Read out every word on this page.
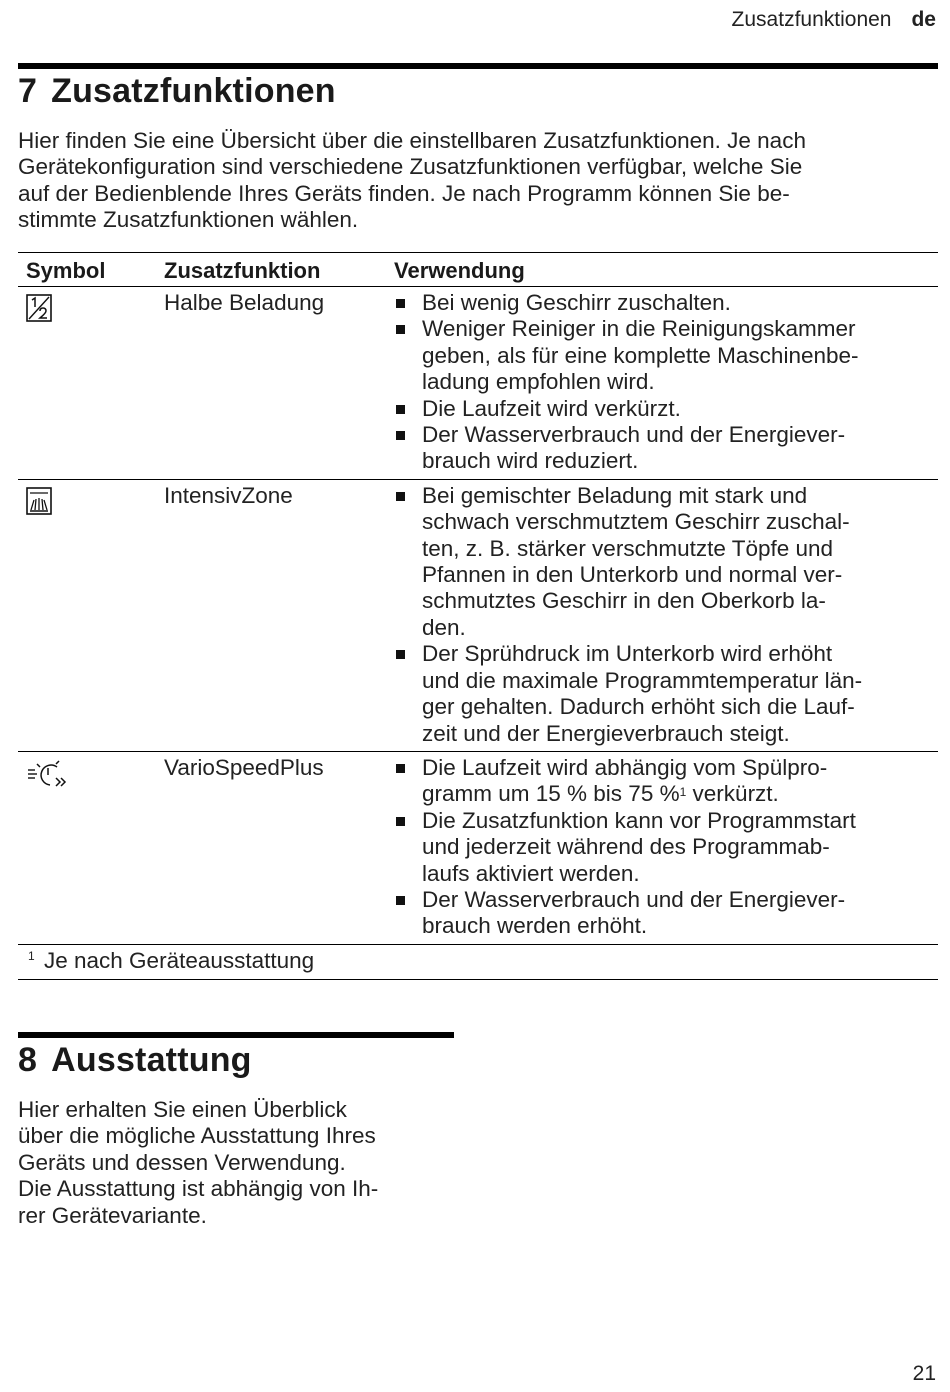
Zusatzfunktionen de
7 Zusatzfunktionen
Hier finden Sie eine Übersicht über die einstellbaren Zusatzfunktionen. Je nach
Gerätekonfiguration sind verschiedene Zusatzfunktionen verfügbar, welche Sie
auf der Bedienblende Ihres Geräts finden. Je nach Programm können Sie be-
stimmte Zusatzfunktionen wählen.
Symbol	Zusatzfunktion	Verwendung
Halbe Beladung	Bei wenig Geschirr zuschalten.
Weniger Reiniger in die Reinigungskammer
geben, als für eine komplette Maschinenbe-
ladung empfohlen wird.
Die Laufzeit wird verkürzt.
Der Wasserverbrauch und der Energiever-
brauch wird reduziert.
IntensivZone	Bei gemischter Beladung mit stark und
schwach verschmutztem Geschirr zuschal-
ten, z. B. stärker verschmutzte Töpfe und
Pfannen in den Unterkorb und normal ver-
schmutztes Geschirr in den Oberkorb la-
den.
Der Sprühdruck im Unterkorb wird erhöht
und die maximale Programmtemperatur län-
ger gehalten. Dadurch erhöht sich die Lauf-
zeit und der Energieverbrauch steigt.
VarioSpeedPlus	Die Laufzeit wird abhängig vom Spülpro-
gramm um 15 % bis 75 %$^1$ verkürzt.
Die Zusatzfunktion kann vor Programmstart
und jederzeit während des Programmab-
laufs aktiviert werden.
Der Wasserverbrauch und der Energiever-
brauch werden erhöht.
1 Je nach Geräteausstattung
8 Ausstattung
Hier erhalten Sie einen Überblick
über die mögliche Ausstattung Ihres
Geräts und dessen Verwendung.
Die Ausstattung ist abhängig von Ih-
rer Gerätevariante.
21
